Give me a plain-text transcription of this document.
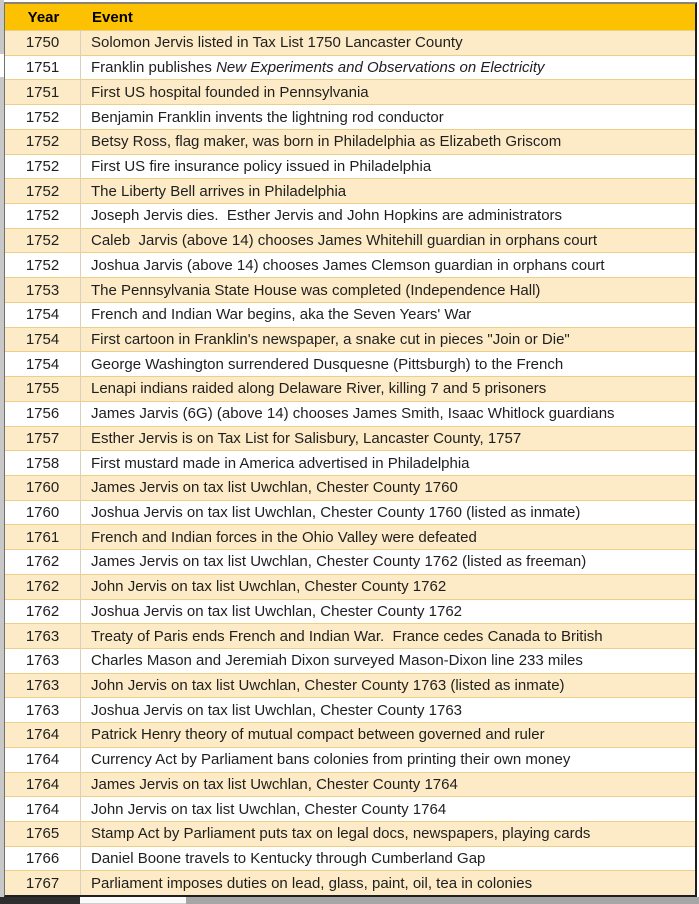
Year	Event
1750	Solomon Jervis listed in Tax List 1750 Lancaster County
1751	Franklin publishes New Experiments and Observations on Electricity
1751	First US hospital founded in Pennsylvania
1752	Benjamin Franklin invents the lightning rod conductor
1752	Betsy Ross, flag maker, was born in Philadelphia as Elizabeth Griscom
1752	First US fire insurance policy issued in Philadelphia
1752	The Liberty Bell arrives in Philadelphia
1752	Joseph Jervis dies.  Esther Jervis and John Hopkins are administrators
1752	Caleb  Jarvis (above 14) chooses James Whitehill guardian in orphans court
1752	Joshua Jarvis (above 14) chooses James Clemson guardian in orphans court
1753	The Pennsylvania State House was completed (Independence Hall)
1754	French and Indian War begins, aka the Seven Years' War
1754	First cartoon in Franklin's newspaper, a snake cut in pieces "Join or Die"
1754	George Washington surrendered Dusquesne (Pittsburgh) to the French
1755	Lenapi indians raided along Delaware River, killing 7 and 5 prisoners
1756	James Jarvis (6G) (above 14) chooses James Smith, Isaac Whitlock guardians
1757	Esther Jervis is on Tax List for Salisbury, Lancaster County, 1757
1758	First mustard made in America advertised in Philadelphia
1760	James Jervis on tax list Uwchlan, Chester County 1760
1760	Joshua Jervis on tax list Uwchlan, Chester County 1760 (listed as inmate)
1761	French and Indian forces in the Ohio Valley were defeated
1762	James Jervis on tax list Uwchlan, Chester County 1762 (listed as freeman)
1762	John Jervis on tax list Uwchlan, Chester County 1762
1762	Joshua Jervis on tax list Uwchlan, Chester County 1762
1763	Treaty of Paris ends French and Indian War.  France cedes Canada to British
1763	Charles Mason and Jeremiah Dixon surveyed Mason-Dixon line 233 miles
1763	John Jervis on tax list Uwchlan, Chester County 1763 (listed as inmate)
1763	Joshua Jervis on tax list Uwchlan, Chester County 1763
1764	Patrick Henry theory of mutual compact between governed and ruler
1764	Currency Act by Parliament bans colonies from printing their own money
1764	James Jervis on tax list Uwchlan, Chester County 1764
1764	John Jervis on tax list Uwchlan, Chester County 1764
1765	Stamp Act by Parliament puts tax on legal docs, newspapers, playing cards
1766	Daniel Boone travels to Kentucky through Cumberland Gap
1767	Parliament imposes duties on lead, glass, paint, oil, tea in colonies
